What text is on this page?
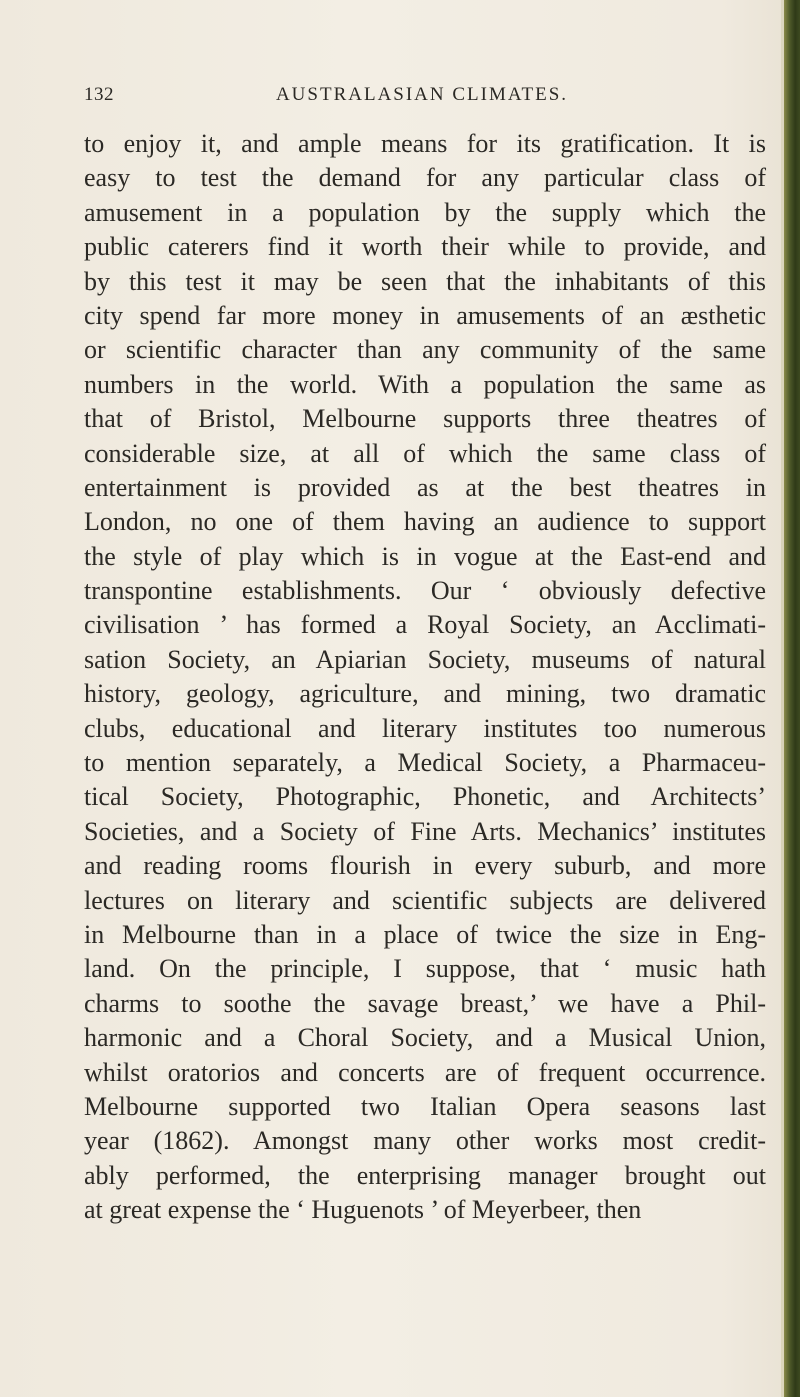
132	AUSTRALASIAN CLIMATES.
to enjoy it, and ample means for its gratification. It is
easy to test the demand for any particular class of
amusement in a population by the supply which the
public caterers find it worth their while to provide, and
by this test it may be seen that the inhabitants of this
city spend far more money in amusements of an æsthetic
or scientific character than any community of the same
numbers in the world. With a population the same as
that of Bristol, Melbourne supports three theatres of
considerable size, at all of which the same class of
entertainment is provided as at the best theatres in
London, no one of them having an audience to support
the style of play which is in vogue at the East-end and
transpontine establishments. Our ‘ obviously defective
civilisation ’ has formed a Royal Society, an Acclimati-
sation Society, an Apiarian Society, museums of natural
history, geology, agriculture, and mining, two dramatic
clubs, educational and literary institutes too numerous
to mention separately, a Medical Society, a Pharmaceu-
tical Society, Photographic, Phonetic, and Architects’
Societies, and a Society of Fine Arts. Mechanics’ institutes
and reading rooms flourish in every suburb, and more
lectures on literary and scientific subjects are delivered
in Melbourne than in a place of twice the size in Eng-
land. On the principle, I suppose, that ‘ music hath
charms to soothe the savage breast,’ we have a Phil-
harmonic and a Choral Society, and a Musical Union,
whilst oratorios and concerts are of frequent occurrence.
Melbourne supported two Italian Opera seasons last
year (1862). Amongst many other works most credit-
ably performed, the enterprising manager brought out
at great expense the ‘ Huguenots ’ of Meyerbeer, then
